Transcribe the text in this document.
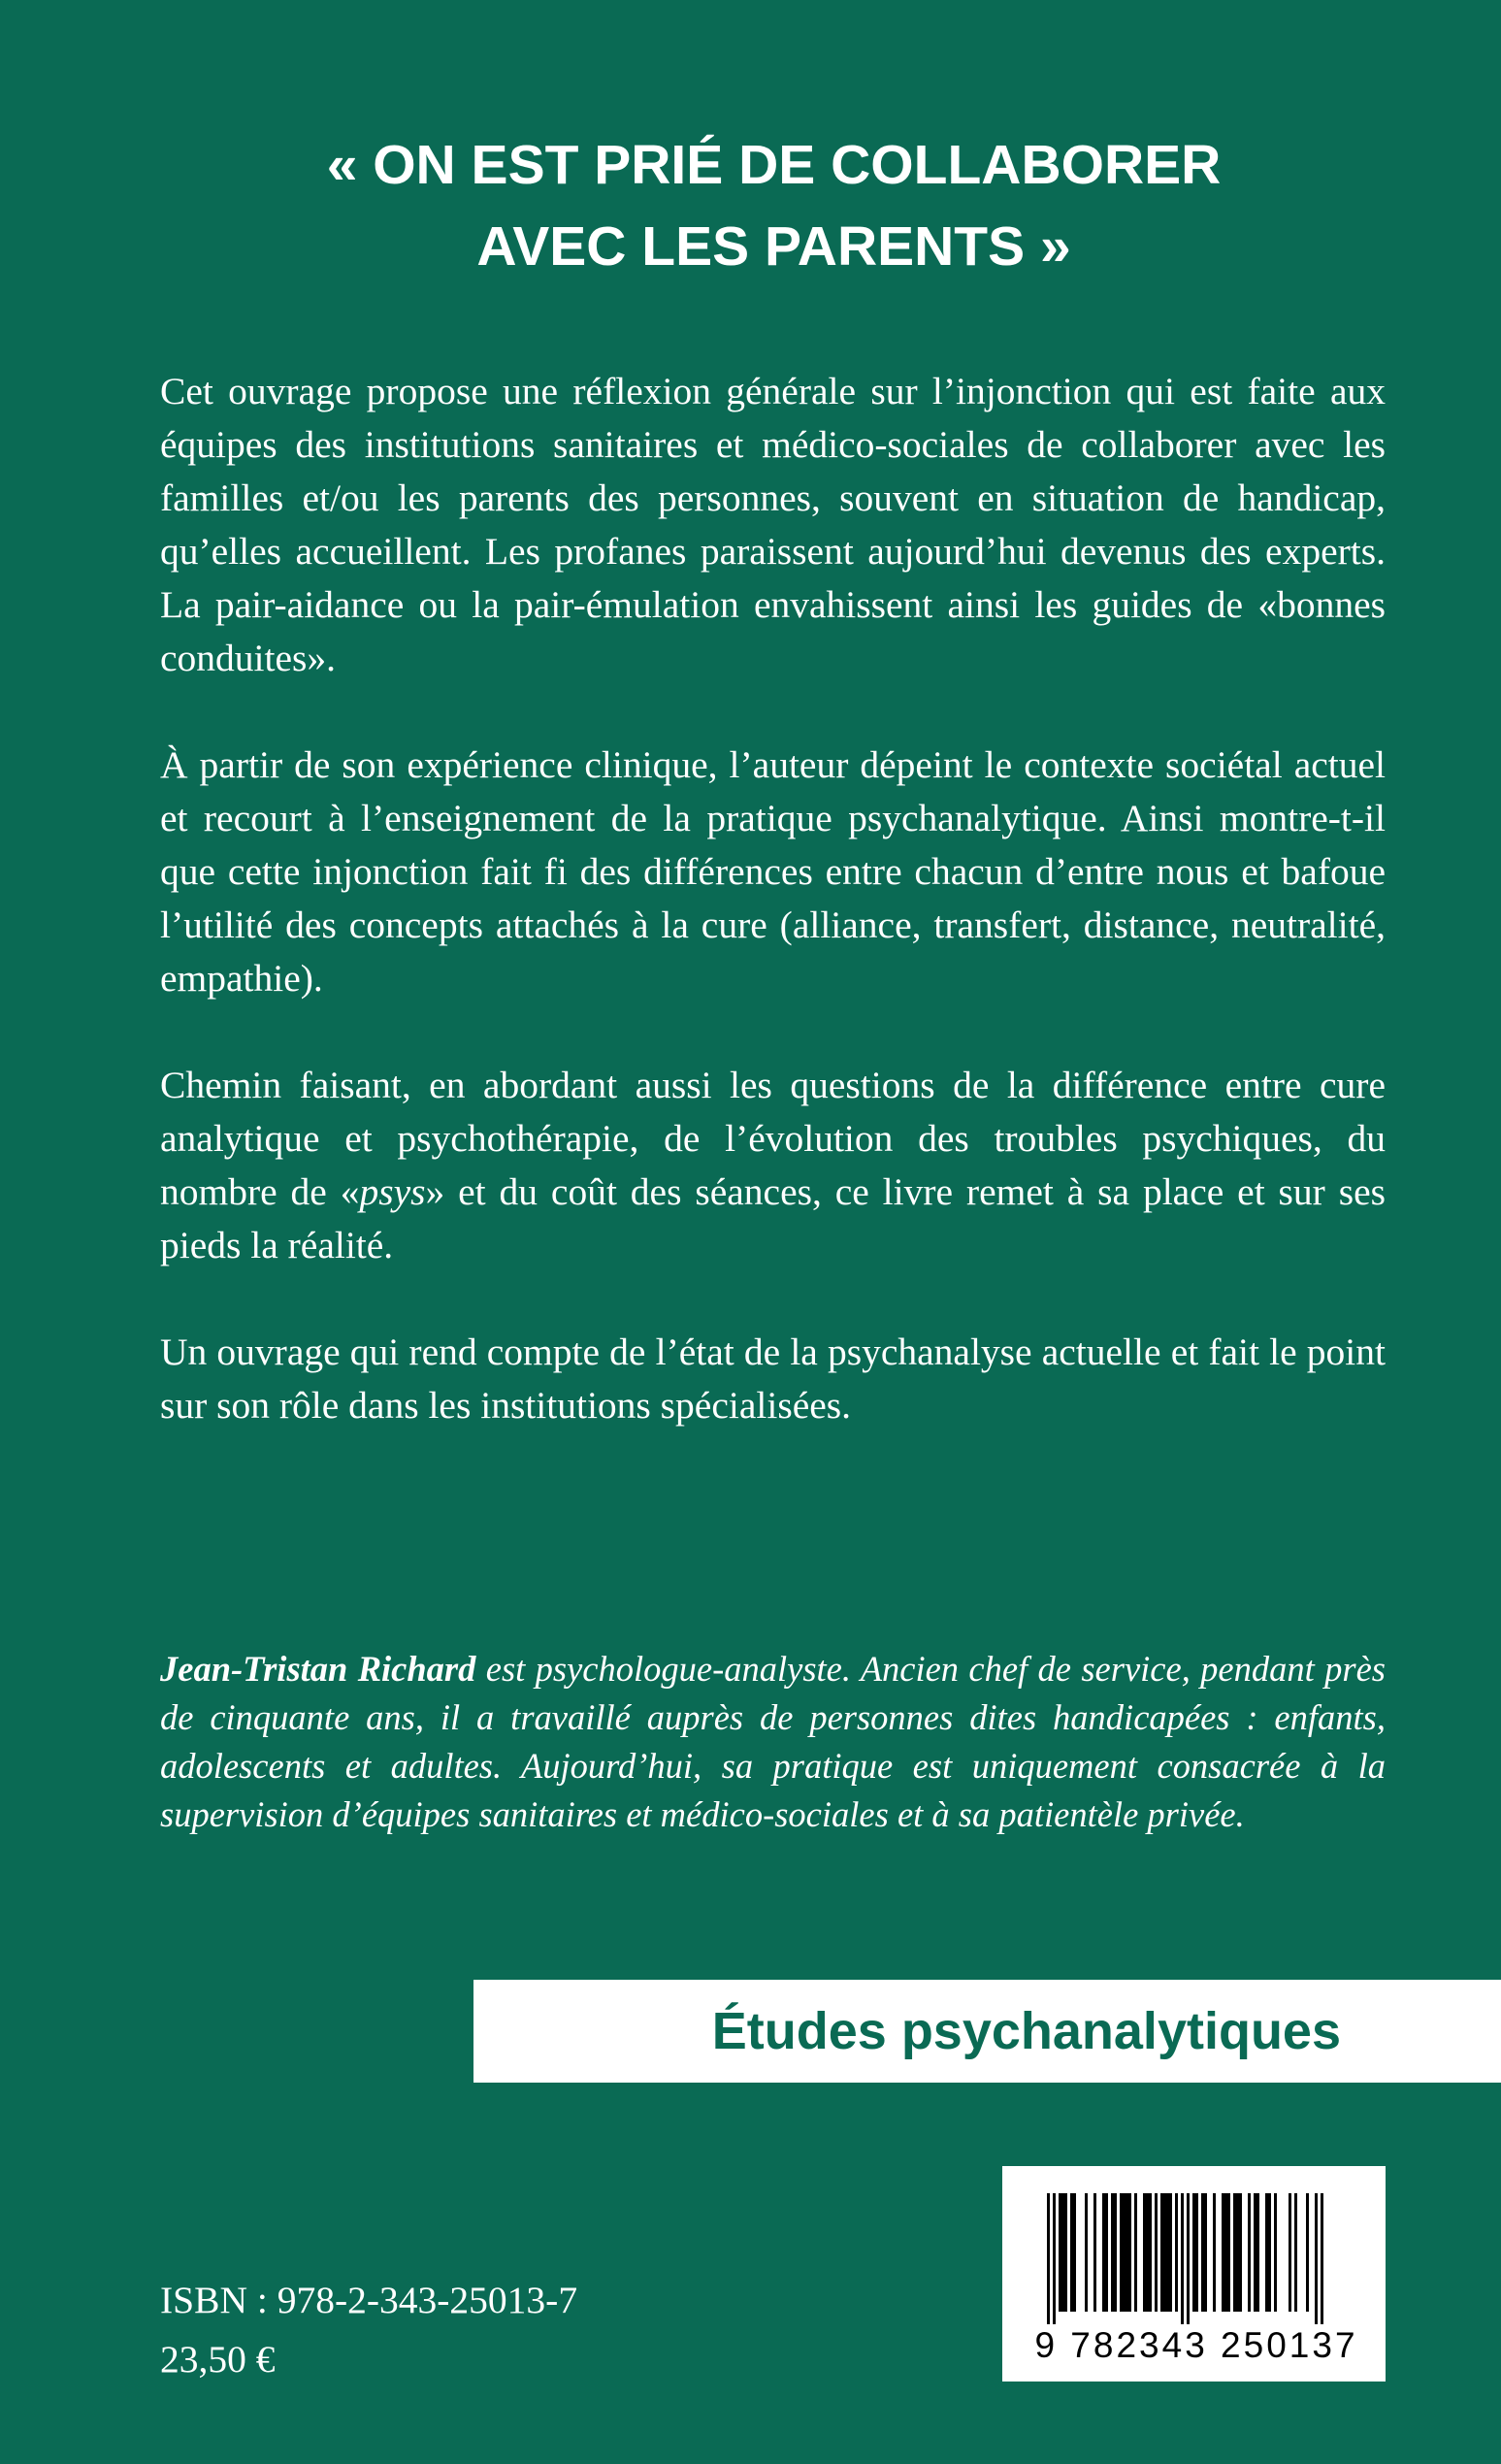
« ON EST PRIÉ DE COLLABORER
AVEC LES PARENTS »

Cet ouvrage propose une réflexion générale sur l’injonction qui est faite aux équipes des institutions sanitaires et médico-sociales de collaborer avec les familles et/ou les parents des personnes, souvent en situation de handicap, qu’elles accueillent. Les profanes paraissent aujourd’hui devenus des experts. La pair-aidance ou la pair-émulation envahissent ainsi les guides de «bonnes conduites».

À partir de son expérience clinique, l’auteur dépeint le contexte sociétal actuel et recourt à l’enseignement de la pratique psychanalytique. Ainsi montre-t-il que cette injonction fait fi des différences entre chacun d’entre nous et bafoue l’utilité des concepts attachés à la cure (alliance, transfert, distance, neutralité, empathie).

Chemin faisant, en abordant aussi les questions de la différence entre cure analytique et psychothérapie, de l’évolution des troubles psychiques, du nombre de «psys» et du coût des séances, ce livre remet à sa place et sur ses pieds la réalité.

Un ouvrage qui rend compte de l’état de la psychanalyse actuelle et fait le point sur son rôle dans les institutions spécialisées.

Jean-Tristan Richard est psychologue-analyste. Ancien chef de service, pendant près de cinquante ans, il a travaillé auprès de personnes dites handicapées : enfants, adolescents et adultes. Aujourd’hui, sa pratique est uniquement consacrée à la supervision d’équipes sanitaires et médico-sociales et à sa patientèle privée.
Études psychanalytiques
ISBN : 978-2-343-25013-7
23,50 €	9 782343 250137
